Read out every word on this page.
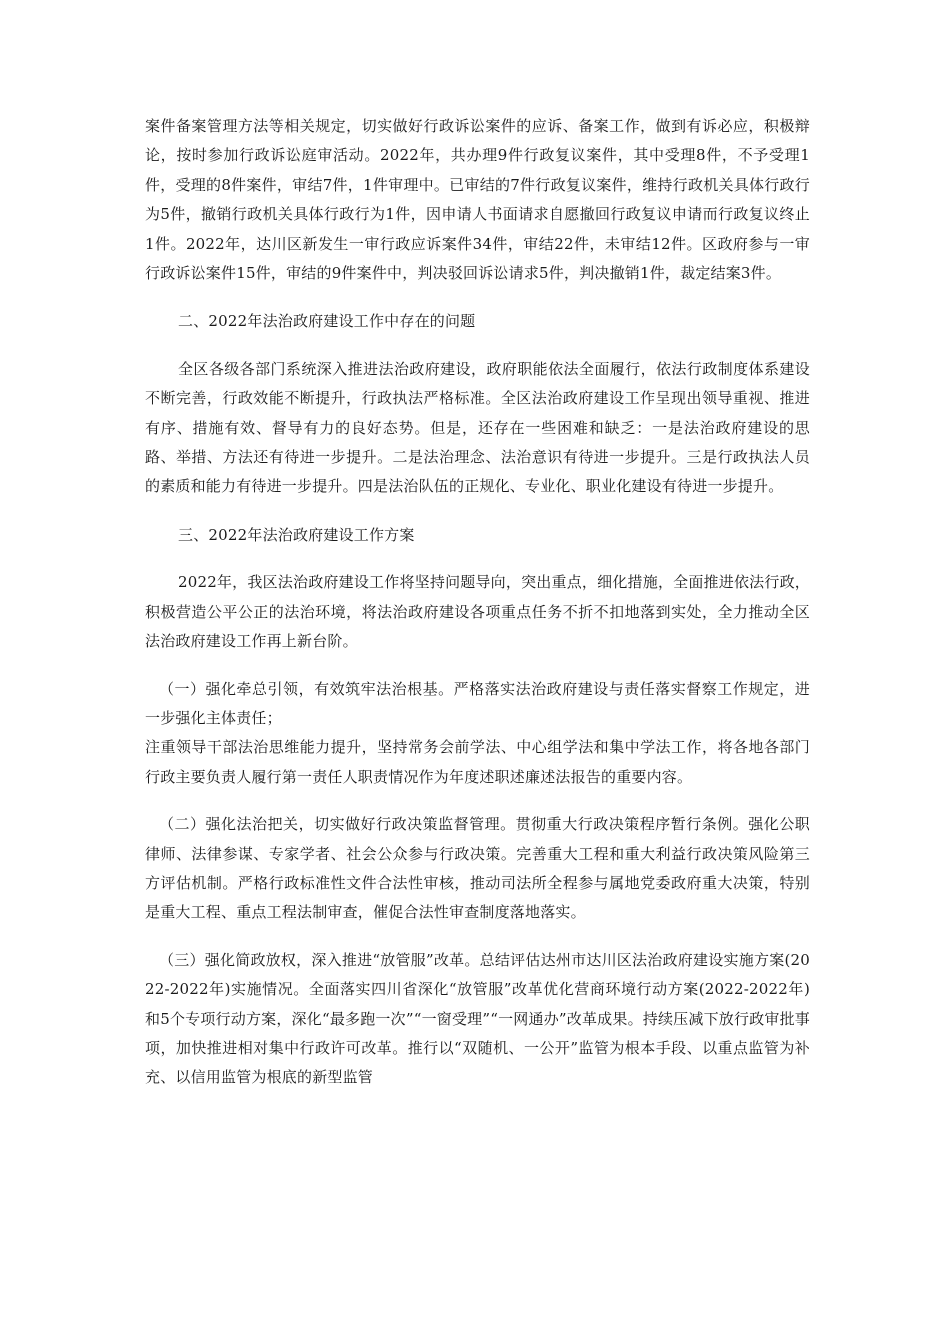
案件备案管理方法等相关规定，切实做好行政诉讼案件的应诉、备案工作，做到有诉必应，积极辩论，按时参加行政诉讼庭审活动。2022年，共办理9件行政复议案件，其中受理8件，不予受理1件，受理的8件案件，审结7件，1件审理中。已审结的7件行政复议案件，维持行政机关具体行政行为5件，撤销行政机关具体行政行为1件，因申请人书面请求自愿撤回行政复议申请而行政复议终止1件。2022年，达川区新发生一审行政应诉案件34件，审结22件，未审结12件。区政府参与一审行政诉讼案件15件，审结的9件案件中，判决驳回诉讼请求5件，判决撤销1件，裁定结案3件。

二、2022年法治政府建设工作中存在的问题

全区各级各部门系统深入推进法治政府建设，政府职能依法全面履行，依法行政制度体系建设不断完善，行政效能不断提升，行政执法严格标准。全区法治政府建设工作呈现出领导重视、推进有序、措施有效、督导有力的良好态势。但是，还存在一些困难和缺乏：一是法治政府建设的思路、举措、方法还有待进一步提升。二是法治理念、法治意识有待进一步提升。三是行政执法人员的素质和能力有待进一步提升。四是法治队伍的正规化、专业化、职业化建设有待进一步提升。

三、2022年法治政府建设工作方案

2022年，我区法治政府建设工作将坚持问题导向，突出重点，细化措施，全面推进依法行政，积极营造公平公正的法治环境，将法治政府建设各项重点任务不折不扣地落到实处，全力推动全区法治政府建设工作再上新台阶。

（一）强化牵总引领，有效筑牢法治根基。严格落实法治政府建设与责任落实督察工作规定，进一步强化主体责任；

注重领导干部法治思维能力提升，坚持常务会前学法、中心组学法和集中学法工作，将各地各部门行政主要负责人履行第一责任人职责情况作为年度述职述廉述法报告的重要内容。

（二）强化法治把关，切实做好行政决策监督管理。贯彻重大行政决策程序暂行条例。强化公职律师、法律参谋、专家学者、社会公众参与行政决策。完善重大工程和重大利益行政决策风险第三方评估机制。严格行政标准性文件合法性审核，推动司法所全程参与属地党委政府重大决策，特别是重大工程、重点工程法制审查，催促合法性审查制度落地落实。

（三）强化简政放权，深入推进“放管服”改革。总结评估达州市达川区法治政府建设实施方案(2022-2022年)实施情况。全面落实四川省深化“放管服”改革优化营商环境行动方案(2022-2022年)和5个专项行动方案，深化“最多跑一次”“一窗受理”“一网通办”改革成果。持续压减下放行政审批事项，加快推进相对集中行政许可改革。推行以“双随机、一公开”监管为根本手段、以重点监管为补充、以信用监管为根底的新型监管
